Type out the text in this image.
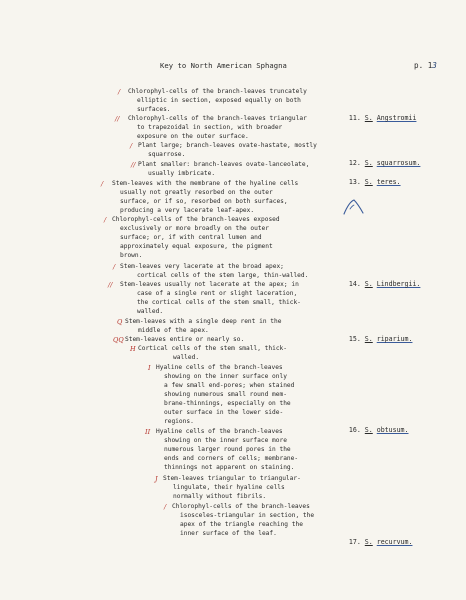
Key to North American Sphagna	p. 13
Chlorophyl-cells of the branch-leaves truncately
elliptic in section, exposed equally on both
surfaces.
Chlorophyl-cells of the branch-leaves triangular
to trapezoidal in section, with broader
exposure on the outer surface.
Plant large; branch-leaves ovate-hastate, mostly
squarrose.
Plant smaller: branch-leaves ovate-lanceolate,
usually imbricate.
Stem-leaves with the membrane of the hyaline cells
usually not greatly resorbed on the outer
surface, or if so, resorbed on both surfaces,
producing a very lacerate leaf-apex.
Chlorophyl-cells of the branch-leaves exposed
exclusively or more broadly on the outer
surface; or, if with central lumen and
approximately equal exposure, the pigment
brown.
Stem-leaves very lacerate at the broad apex;
cortical cells of the stem large, thin-walled.
Stem-leaves usually not lacerate at the apex; in
case of a single rent or slight laceration,
the cortical cells of the stem small, thick-
walled.
Stem-leaves with a single deep rent in the
middle of the apex.
Stem-leaves entire or nearly so.
Cortical cells of the stem small, thick-
walled.
Hyaline cells of the branch-leaves
showing on the inner surface only
a few small end-pores; when stained
showing numerous small round mem-
brane-thinnings, especially on the
outer surface in the lower side-
regions.
Hyaline cells of the branch-leaves
showing on the inner surface more
numerous larger round pores in the
ends and corners of cells; membrane-
thinnings not apparent on staining.
Stem-leaves triangular to triangular-
lingulate, their hyaline cells
normally without fibrils.
Chlorophyl-cells of the branch-leaves
isosceles-triangular in section, the
apex of the triangle reaching the
inner surface of the leaf.
/
//
/
//
/
/
/
//
Q
QQ
H
I
II
J
/

11. S. Angstromii

12. S. squarrosum.

13. S. teres.

14. S. Lindbergii.

15. S. riparium.

16. S. obtusum.

17. S. recurvum.
